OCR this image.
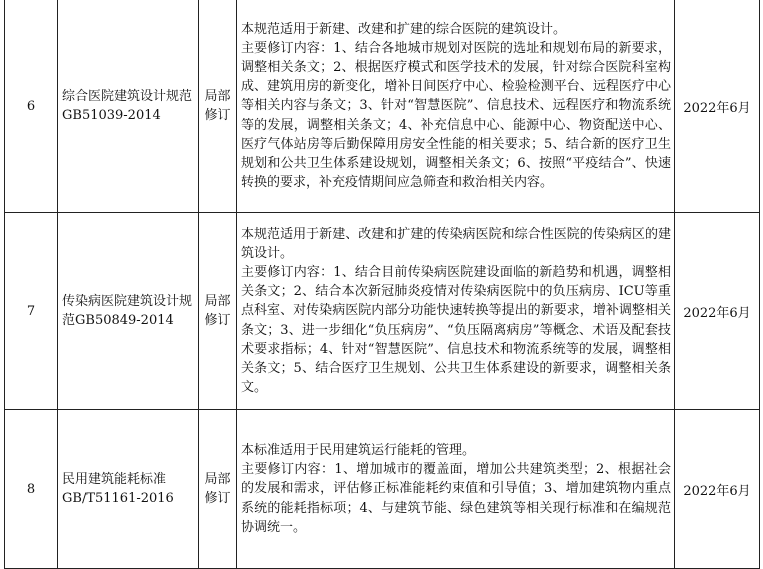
6	综合医院建筑设计规范GB51039-2014	局部修订	本规范适用于新建、改建和扩建的综合医院的建筑设计。
主要修订内容：1、结合各地城市规划对医院的选址和规划布局的新要求，调整相关条文；2、根据医疗模式和医学技术的发展，针对综合医院科室构成、建筑用房的新变化，增补日间医疗中心、检验检测平台、远程医疗中心等相关内容与条文；3、针对“智慧医院”、信息技术、远程医疗和物流系统等的发展，调整相关条文；4、补充信息中心、能源中心、物资配送中心、医疗气体站房等后勤保障用房安全性能的相关要求；5、结合新的医疗卫生规划和公共卫生体系建设规划，调整相关条文；6、按照“平疫结合”、快速转换的要求，补充疫情期间应急筛查和救治相关内容。	2022年6月
7	传染病医院建筑设计规范GB50849-2014	局部修订	本规范适用于新建、改建和扩建的传染病医院和综合性医院的传染病区的建筑设计。
主要修订内容：1、结合目前传染病医院建设面临的新趋势和机遇，调整相关条文；2、结合本次新冠肺炎疫情对传染病医院中的负压病房、ICU等重点科室、对传染病医院内部分功能快速转换等提出的新要求，增补调整相关条文；3、进一步细化“负压病房”、“负压隔离病房”等概念、术语及配套技术要求指标；4、针对“智慧医院”、信息技术和物流系统等的发展，调整相关条文；5、结合医疗卫生规划、公共卫生体系建设的新要求，调整相关条文。	2022年6月
8	民用建筑能耗标准GB/T51161-2016	局部修订	本标准适用于民用建筑运行能耗的管理。
主要修订内容：1、增加城市的覆盖面，增加公共建筑类型；2、根据社会的发展和需求，评估修正标准能耗约束值和引导值；3、增加建筑物内重点系统的能耗指标项；4、与建筑节能、绿色建筑等相关现行标准和在编规范协调统一。	2022年6月
